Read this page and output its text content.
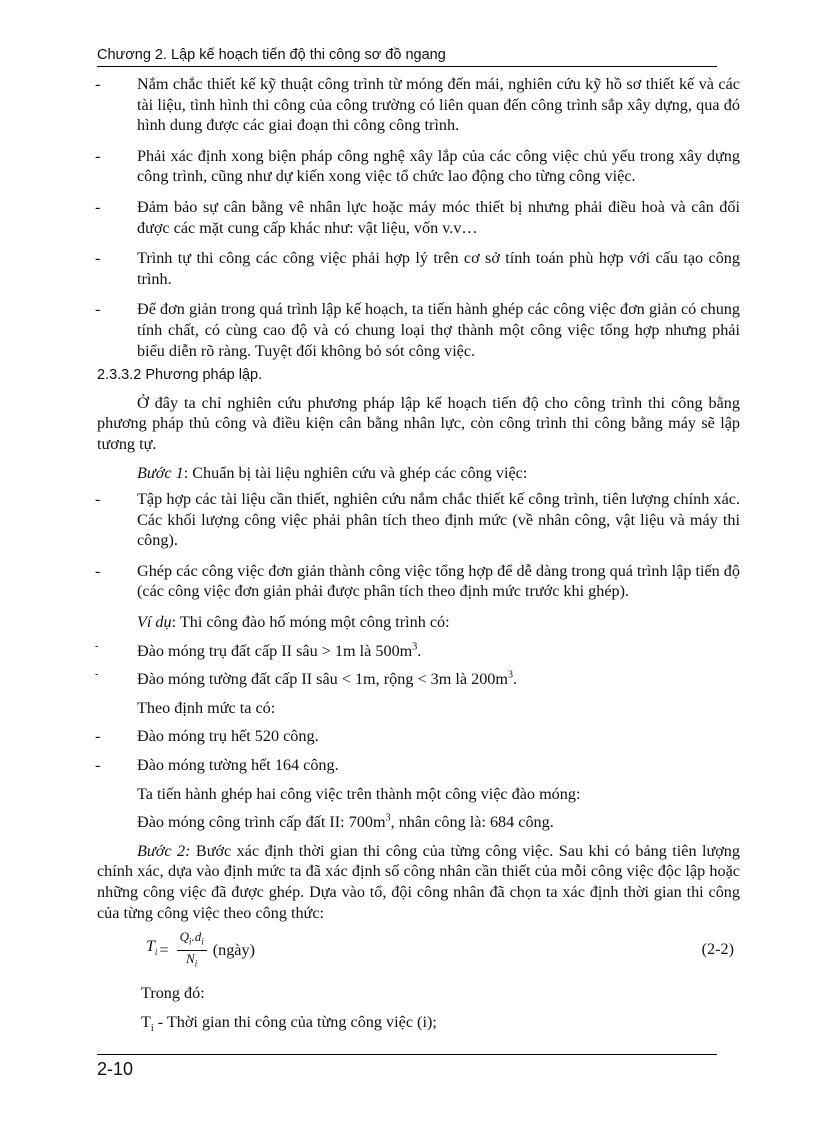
Chương 2. Lập kế hoạch tiến độ thi công sơ đồ ngang
-	Nắm chắc thiết kế kỹ thuật công trình từ móng đến mái, nghiên cứu kỹ hồ sơ thiết kế và các tài liệu, tình hình thi công của công trường có liên quan đến công trình sắp xây dựng, qua đó hình dung được các giai đoạn thi công công trình.
-	Phải xác định xong biện pháp công nghệ xây lắp của các công việc chủ yếu trong xây dựng công trình, cũng như dự kiến xong việc tổ chức lao động cho từng công việc.
-	Đảm bảo sự cân bằng vê nhân lực hoặc máy móc thiết bị nhưng phải điều hoà và cân đối được các mặt cung cấp khác như: vật liệu, vốn v.v…
-	Trình tự thi công các công việc phải hợp lý trên cơ sở tính toán phù hợp với cấu tạo công trình.
-	Để đơn giản trong quá trình lập kế hoạch, ta tiến hành ghép các công việc đơn giản có chung tính chất, có cùng cao độ và có chung loại thợ thành một công việc tổng hợp nhưng phải biểu diễn rõ ràng. Tuyệt đối không bỏ sót công việc.
2.3.3.2 Phương pháp lập.

Ở đây ta chỉ nghiên cứu phương pháp lập kế hoạch tiến độ cho công trình thi công bằng phương pháp thủ công và điều kiện cân bằng nhân lực, còn công trình thi công bằng máy sẽ lập tương tự.

Bước 1: Chuẩn bị tài liệu nghiên cứu và ghép các công việc:

-	Tập hợp các tài liệu cần thiết, nghiên cứu nắm chắc thiết kế công trình, tiên lượng chính xác. Các khối lượng công việc phải phân tích theo định mức (về nhân công, vật liệu và máy thi công).
-	Ghép các công việc đơn giản thành công việc tổng hợp để dễ dàng trong quá trình lập tiến độ (các công việc đơn giản phải được phân tích theo định mức trước khi ghép).

Ví dụ: Thi công đào hố móng một công trình có:

-	Đào móng trụ đất cấp II sâu > 1m là $500m^3$.
-	Đào móng tường đất cấp II sâu < 1m, rộng < 3m là $200m^3$.

Theo định mức ta có:

-	Đào móng trụ hết 520 công.
-	Đào móng tường hết 164 công.

Ta tiến hành ghép hai công việc trên thành một công việc đào móng:

Đào móng công trình cấp đất II: $700m^3$, nhân công là: 684 công.

Bước 2: Bước xác định thời gian thi công của từng công việc. Sau khi có bảng tiên lượng chính xác, dựa vào định mức ta đã xác định số công nhân cần thiết của mỗi công việc độc lập hoặc những công việc đã được ghép. Dựa vào tổ, đội công nhân đã chọn ta xác định thời gian thi công của từng công việc theo công thức:

$T_i = \frac{Q_i.d_i}{N_i}$ (ngày)	(2-2)

Trong đó:

$T_i$ - Thời gian thi công của từng công việc (i);

2-10
